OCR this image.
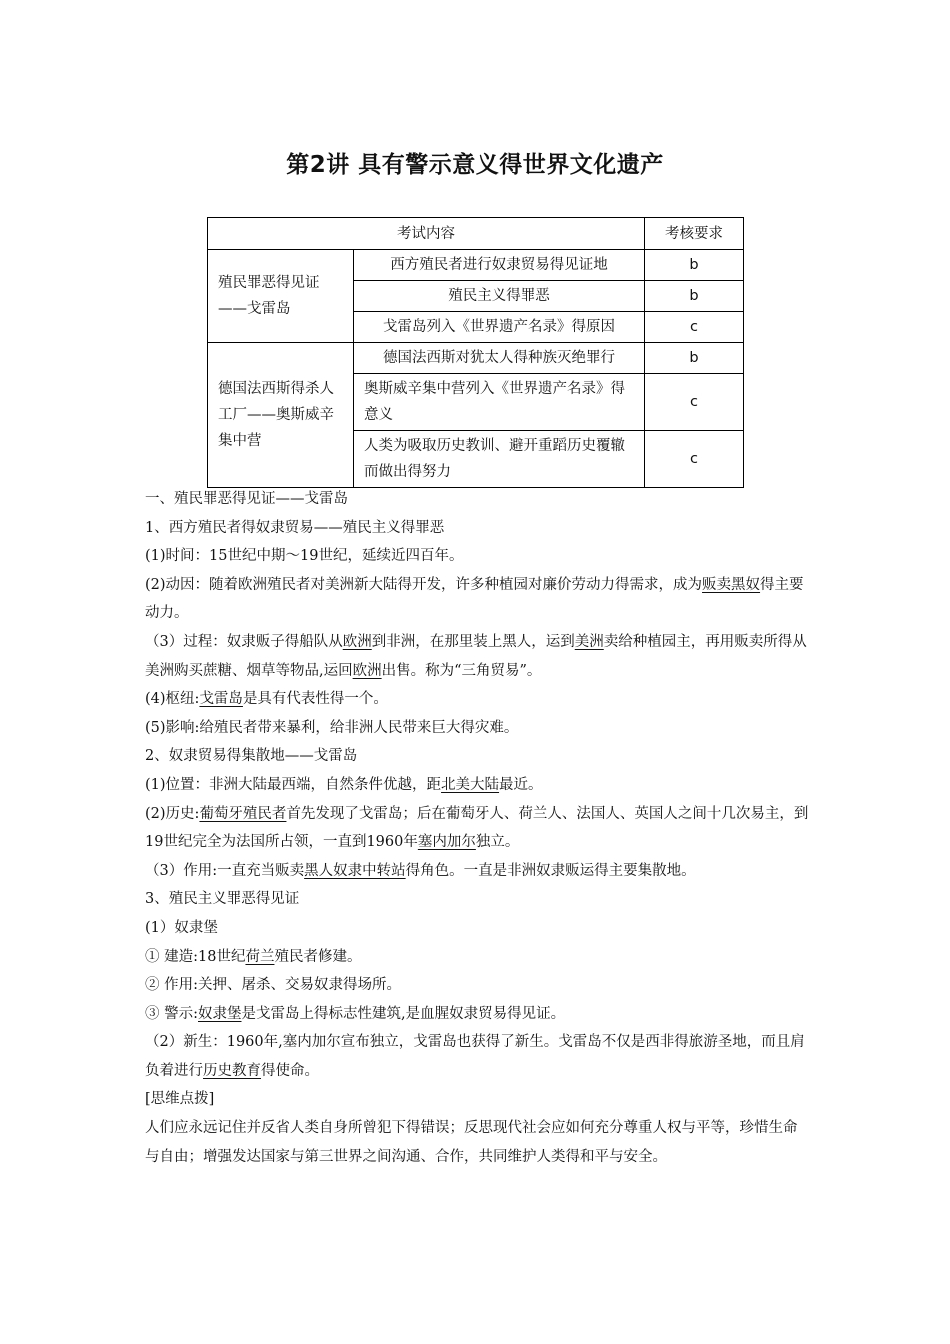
第2讲 具有警示意义得世界文化遗产
考试内容		考核要求
殖民罪恶得见证——戈雷岛	西方殖民者进行奴隶贸易得见证地	b
	殖民主义得罪恶	b
	戈雷岛列入《世界遗产名录》得原因	c
德国法西斯得杀人工厂——奥斯威辛集中营	德国法西斯对犹太人得种族灭绝罪行	b
	奥斯威辛集中营列入《世界遗产名录》得意义	c
	人类为吸取历史教训、避开重蹈历史覆辙而做出得努力	c

一、殖民罪恶得见证——戈雷岛

1、西方殖民者得奴隶贸易——殖民主义得罪恶

(1)时间：15世纪中期～19世纪，延续近四百年。

(2)动因：随着欧洲殖民者对美洲新大陆得开发，许多种植园对廉价劳动力得需求，成为贩卖黑奴得主要动力。

（3）过程：奴隶贩子得船队从欧洲到非洲，在那里装上黑人，运到美洲卖给种植园主，再用贩卖所得从美洲购买蔗糖、烟草等物品,运回欧洲出售。称为“三角贸易”。

(4)枢纽:戈雷岛是具有代表性得一个。

(5)影响:给殖民者带来暴利，给非洲人民带来巨大得灾难。

2、奴隶贸易得集散地——戈雷岛

(1)位置：非洲大陆最西端，自然条件优越，距北美大陆最近。

(2)历史:葡萄牙殖民者首先发现了戈雷岛；后在葡萄牙人、荷兰人、法国人、英国人之间十几次易主，到19世纪完全为法国所占领，一直到1960年塞内加尔独立。

（3）作用:一直充当贩卖黑人奴隶中转站得角色。一直是非洲奴隶贩运得主要集散地。

3、殖民主义罪恶得见证

(1）奴隶堡

① 建造:18世纪荷兰殖民者修建。

② 作用:关押、屠杀、交易奴隶得场所。

③ 警示:奴隶堡是戈雷岛上得标志性建筑,是血腥奴隶贸易得见证。

（2）新生：1960年,塞内加尔宣布独立，戈雷岛也获得了新生。戈雷岛不仅是西非得旅游圣地，而且肩负着进行历史教育得使命。

[思维点拨]

人们应永远记住并反省人类自身所曾犯下得错误；反思现代社会应如何充分尊重人权与平等，珍惜生命与自由；增强发达国家与第三世界之间沟通、合作，共同维护人类得和平与安全。
